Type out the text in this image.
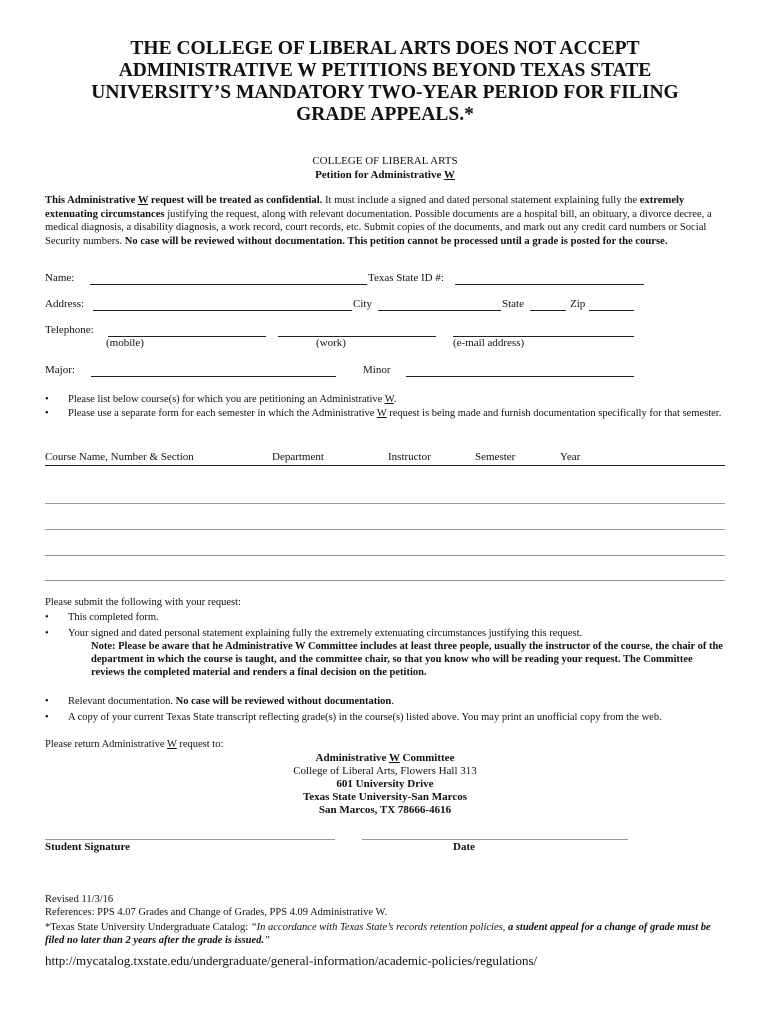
THE COLLEGE OF LIBERAL ARTS DOES NOT ACCEPT
ADMINISTRATIVE W PETITIONS BEYOND TEXAS STATE
UNIVERSITY’S MANDATORY TWO-YEAR PERIOD FOR FILING
GRADE APPEALS.*
COLLEGE OF LIBERAL ARTS
Petition for Administrative W
This Administrative W request will be treated as confidential. It must include a signed and dated personal statement explaining fully the extremely extenuating circumstances justifying the request, along with relevant documentation. Possible documents are a hospital bill, an obituary, a divorce decree, a medical diagnosis, a disability diagnosis, a work record, court records, etc. Submit copies of the documents, and mark out any credit card numbers or Social Security numbers. No case will be reviewed without documentation. This petition cannot be processed until a grade is posted for the course.
Name:	Texas State ID #:
Address:	City	State	Zip
Telephone:
(mobile)	(work)	(e-mail address)
Major:	Minor
• Please list below course(s) for which you are petitioning an Administrative W.
• Please use a separate form for each semester in which the Administrative W request is being made and furnish documentation specifically for that semester.
Course Name, Number & Section	Department	Instructor	Semester	Year
Please submit the following with your request:
• This completed form.
• Your signed and dated personal statement explaining fully the extremely extenuating circumstances justifying this request.
Note: Please be aware that he Administrative W Committee includes at least three people, usually the instructor of the course, the chair of the department in which the course is taught, and the committee chair, so that you know who will be reading your request. The Committee reviews the completed material and renders a final decision on the petition.
• Relevant documentation. No case will be reviewed without documentation.
• A copy of your current Texas State transcript reflecting grade(s) in the course(s) listed above. You may print an unofficial copy from the web.
Please return Administrative W request to:
Administrative W Committee
College of Liberal Arts, Flowers Hall 313
601 University Drive
Texas State University-San Marcos
San Marcos, TX 78666-4616
Student Signature	Date
Revised 11/3/16
References: PPS 4.07 Grades and Change of Grades, PPS 4.09 Administrative W.
*Texas State University Undergraduate Catalog: “In accordance with Texas State’s records retention policies, a student appeal for a change of grade must be filed no later than 2 years after the grade is issued.”
http://mycatalog.txstate.edu/undergraduate/general-information/academic-policies/regulations/
